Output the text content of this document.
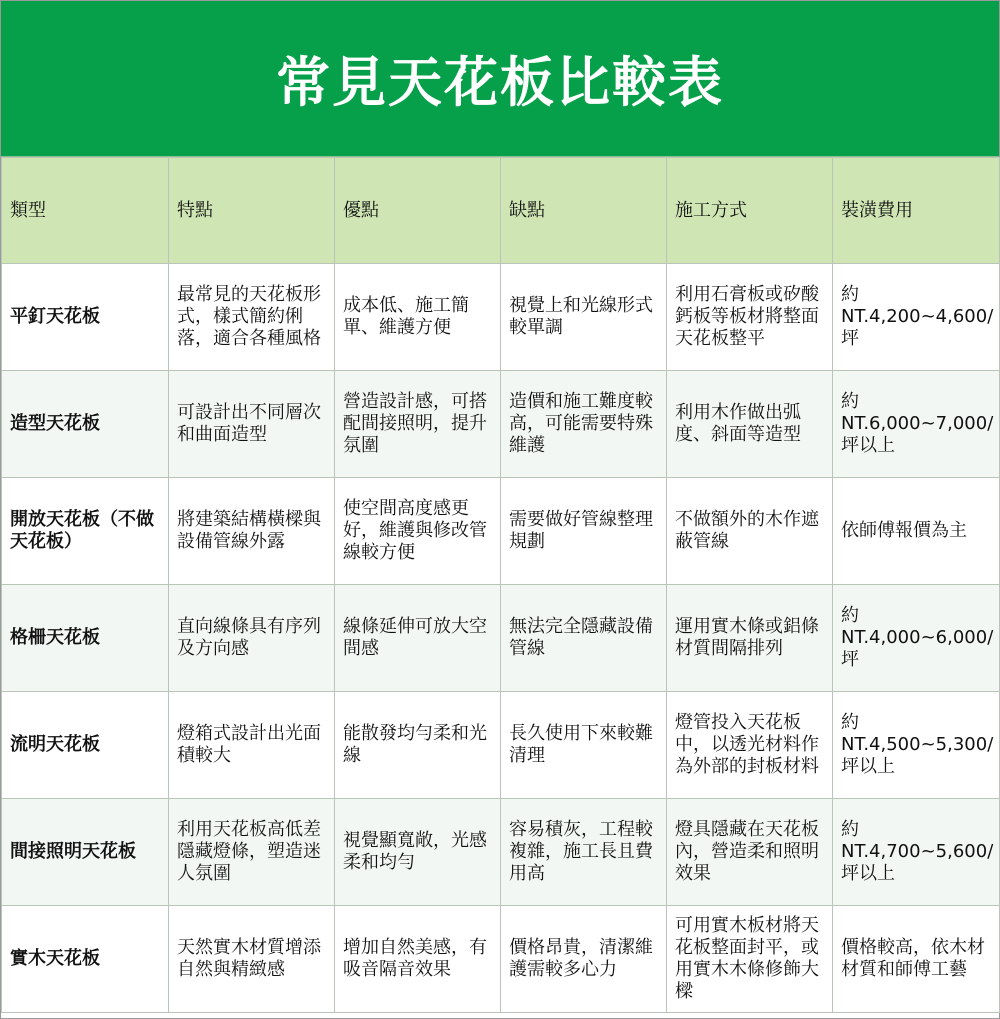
常見天花板比較表
類型	特點	優點	缺點	施工方式	裝潢費用
平釘天花板	最常見的天花板形式，樣式簡約俐落，適合各種風格	成本低、施工簡單、維護方便	視覺上和光線形式較單調	利用石膏板或矽酸鈣板等板材將整面天花板整平	約NT.4,200~4,600/坪
造型天花板	可設計出不同層次和曲面造型	營造設計感，可搭配間接照明，提升氛圍	造價和施工難度較高，可能需要特殊維護	利用木作做出弧度、斜面等造型	約NT.6,000~7,000/坪以上
開放天花板（不做天花板）	將建築結構橫樑與設備管線外露	使空間高度感更好，維護與修改管線較方便	需要做好管線整理規劃	不做額外的木作遮蔽管線	依師傅報價為主
格柵天花板	直向線條具有序列及方向感	線條延伸可放大空間感	無法完全隱藏設備管線	運用實木條或鋁條材質間隔排列	約NT.4,000~6,000/坪
流明天花板	燈箱式設計出光面積較大	能散發均勻柔和光線	長久使用下來較難清理	燈管投入天花板中，以透光材料作為外部的封板材料	約NT.4,500~5,300/坪以上
間接照明天花板	利用天花板高低差隱藏燈條，塑造迷人氛圍	視覺顯寬敞，光感柔和均勻	容易積灰，工程較複雜，施工長且費用高	燈具隱藏在天花板內，營造柔和照明效果	約NT.4,700~5,600/坪以上
實木天花板	天然實木材質增添自然與精緻感	增加自然美感，有吸音隔音效果	價格昂貴，清潔維護需較多心力	可用實木板材將天花板整面封平，或用實木木條修飾大樑	價格較高，依木材材質和師傅工藝
